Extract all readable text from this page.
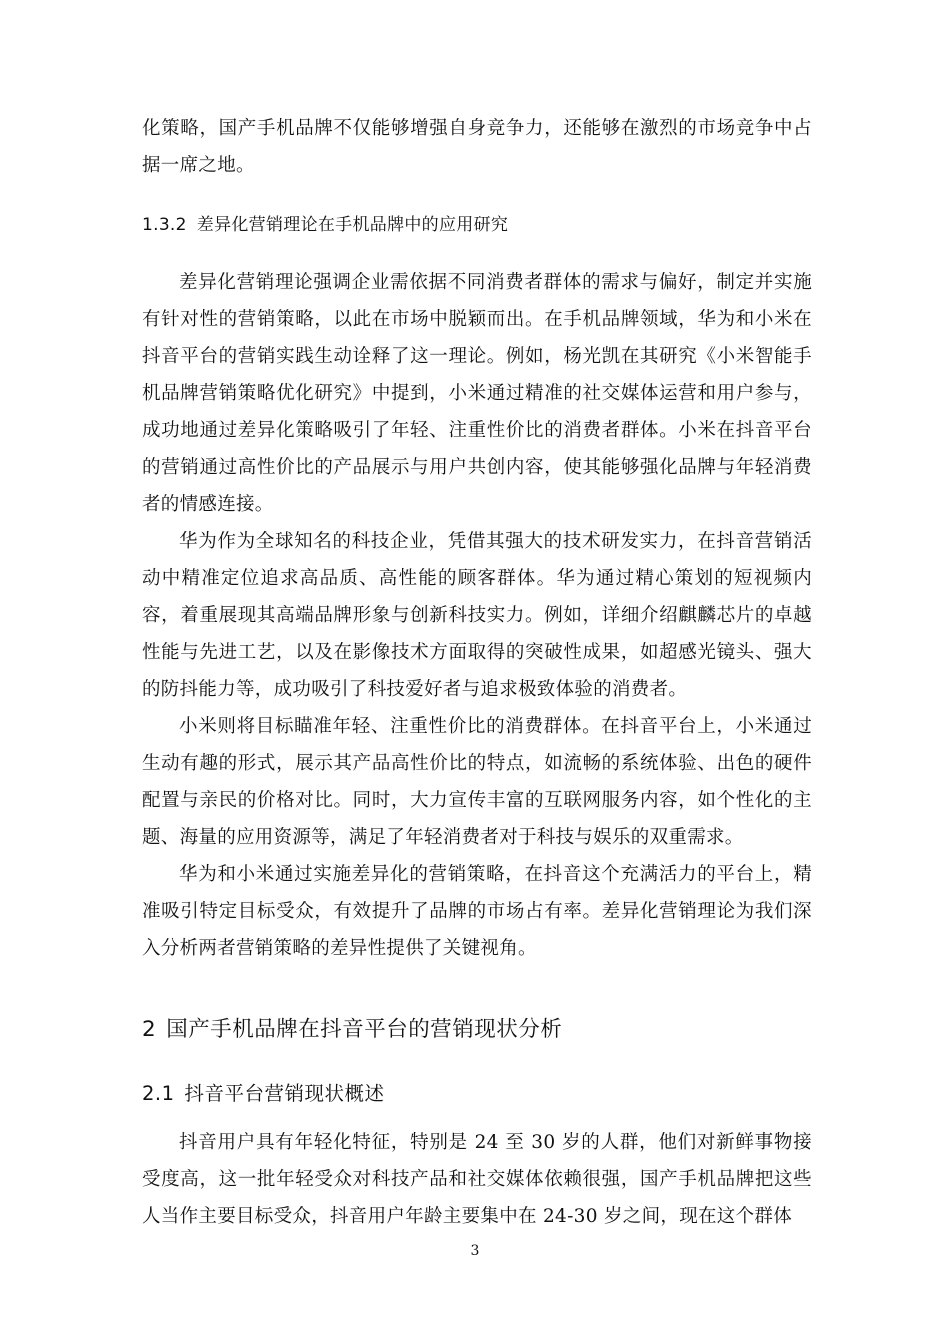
化策略，国产手机品牌不仅能够增强自身竞争力，还能够在激烈的市场竞争中占据一席之地。

1.3.2 差异化营销理论在手机品牌中的应用研究

差异化营销理论强调企业需依据不同消费者群体的需求与偏好，制定并实施有针对性的营销策略，以此在市场中脱颖而出。在手机品牌领域，华为和小米在抖音平台的营销实践生动诠释了这一理论。例如，杨光凯在其研究《小米智能手机品牌营销策略优化研究》中提到，小米通过精准的社交媒体运营和用户参与，成功地通过差异化策略吸引了年轻、注重性价比的消费者群体。小米在抖音平台的营销通过高性价比的产品展示与用户共创内容，使其能够强化品牌与年轻消费者的情感连接。

华为作为全球知名的科技企业，凭借其强大的技术研发实力，在抖音营销活动中精准定位追求高品质、高性能的顾客群体。华为通过精心策划的短视频内容，着重展现其高端品牌形象与创新科技实力。例如，详细介绍麒麟芯片的卓越性能与先进工艺，以及在影像技术方面取得的突破性成果，如超感光镜头、强大的防抖能力等，成功吸引了科技爱好者与追求极致体验的消费者。

小米则将目标瞄准年轻、注重性价比的消费群体。在抖音平台上，小米通过生动有趣的形式，展示其产品高性价比的特点，如流畅的系统体验、出色的硬件配置与亲民的价格对比。同时，大力宣传丰富的互联网服务内容，如个性化的主题、海量的应用资源等，满足了年轻消费者对于科技与娱乐的双重需求。

华为和小米通过实施差异化的营销策略，在抖音这个充满活力的平台上，精准吸引特定目标受众，有效提升了品牌的市场占有率。差异化营销理论为我们深入分析两者营销策略的差异性提供了关键视角。

2 国产手机品牌在抖音平台的营销现状分析
2.1 抖音平台营销现状概述

抖音用户具有年轻化特征，特别是 24 至 30 岁的人群，他们对新鲜事物接受度高，这一批年轻受众对科技产品和社交媒体依赖很强，国产手机品牌把这些人当作主要目标受众，抖音用户年龄主要集中在 24-30 岁之间，现在这个群体

3
